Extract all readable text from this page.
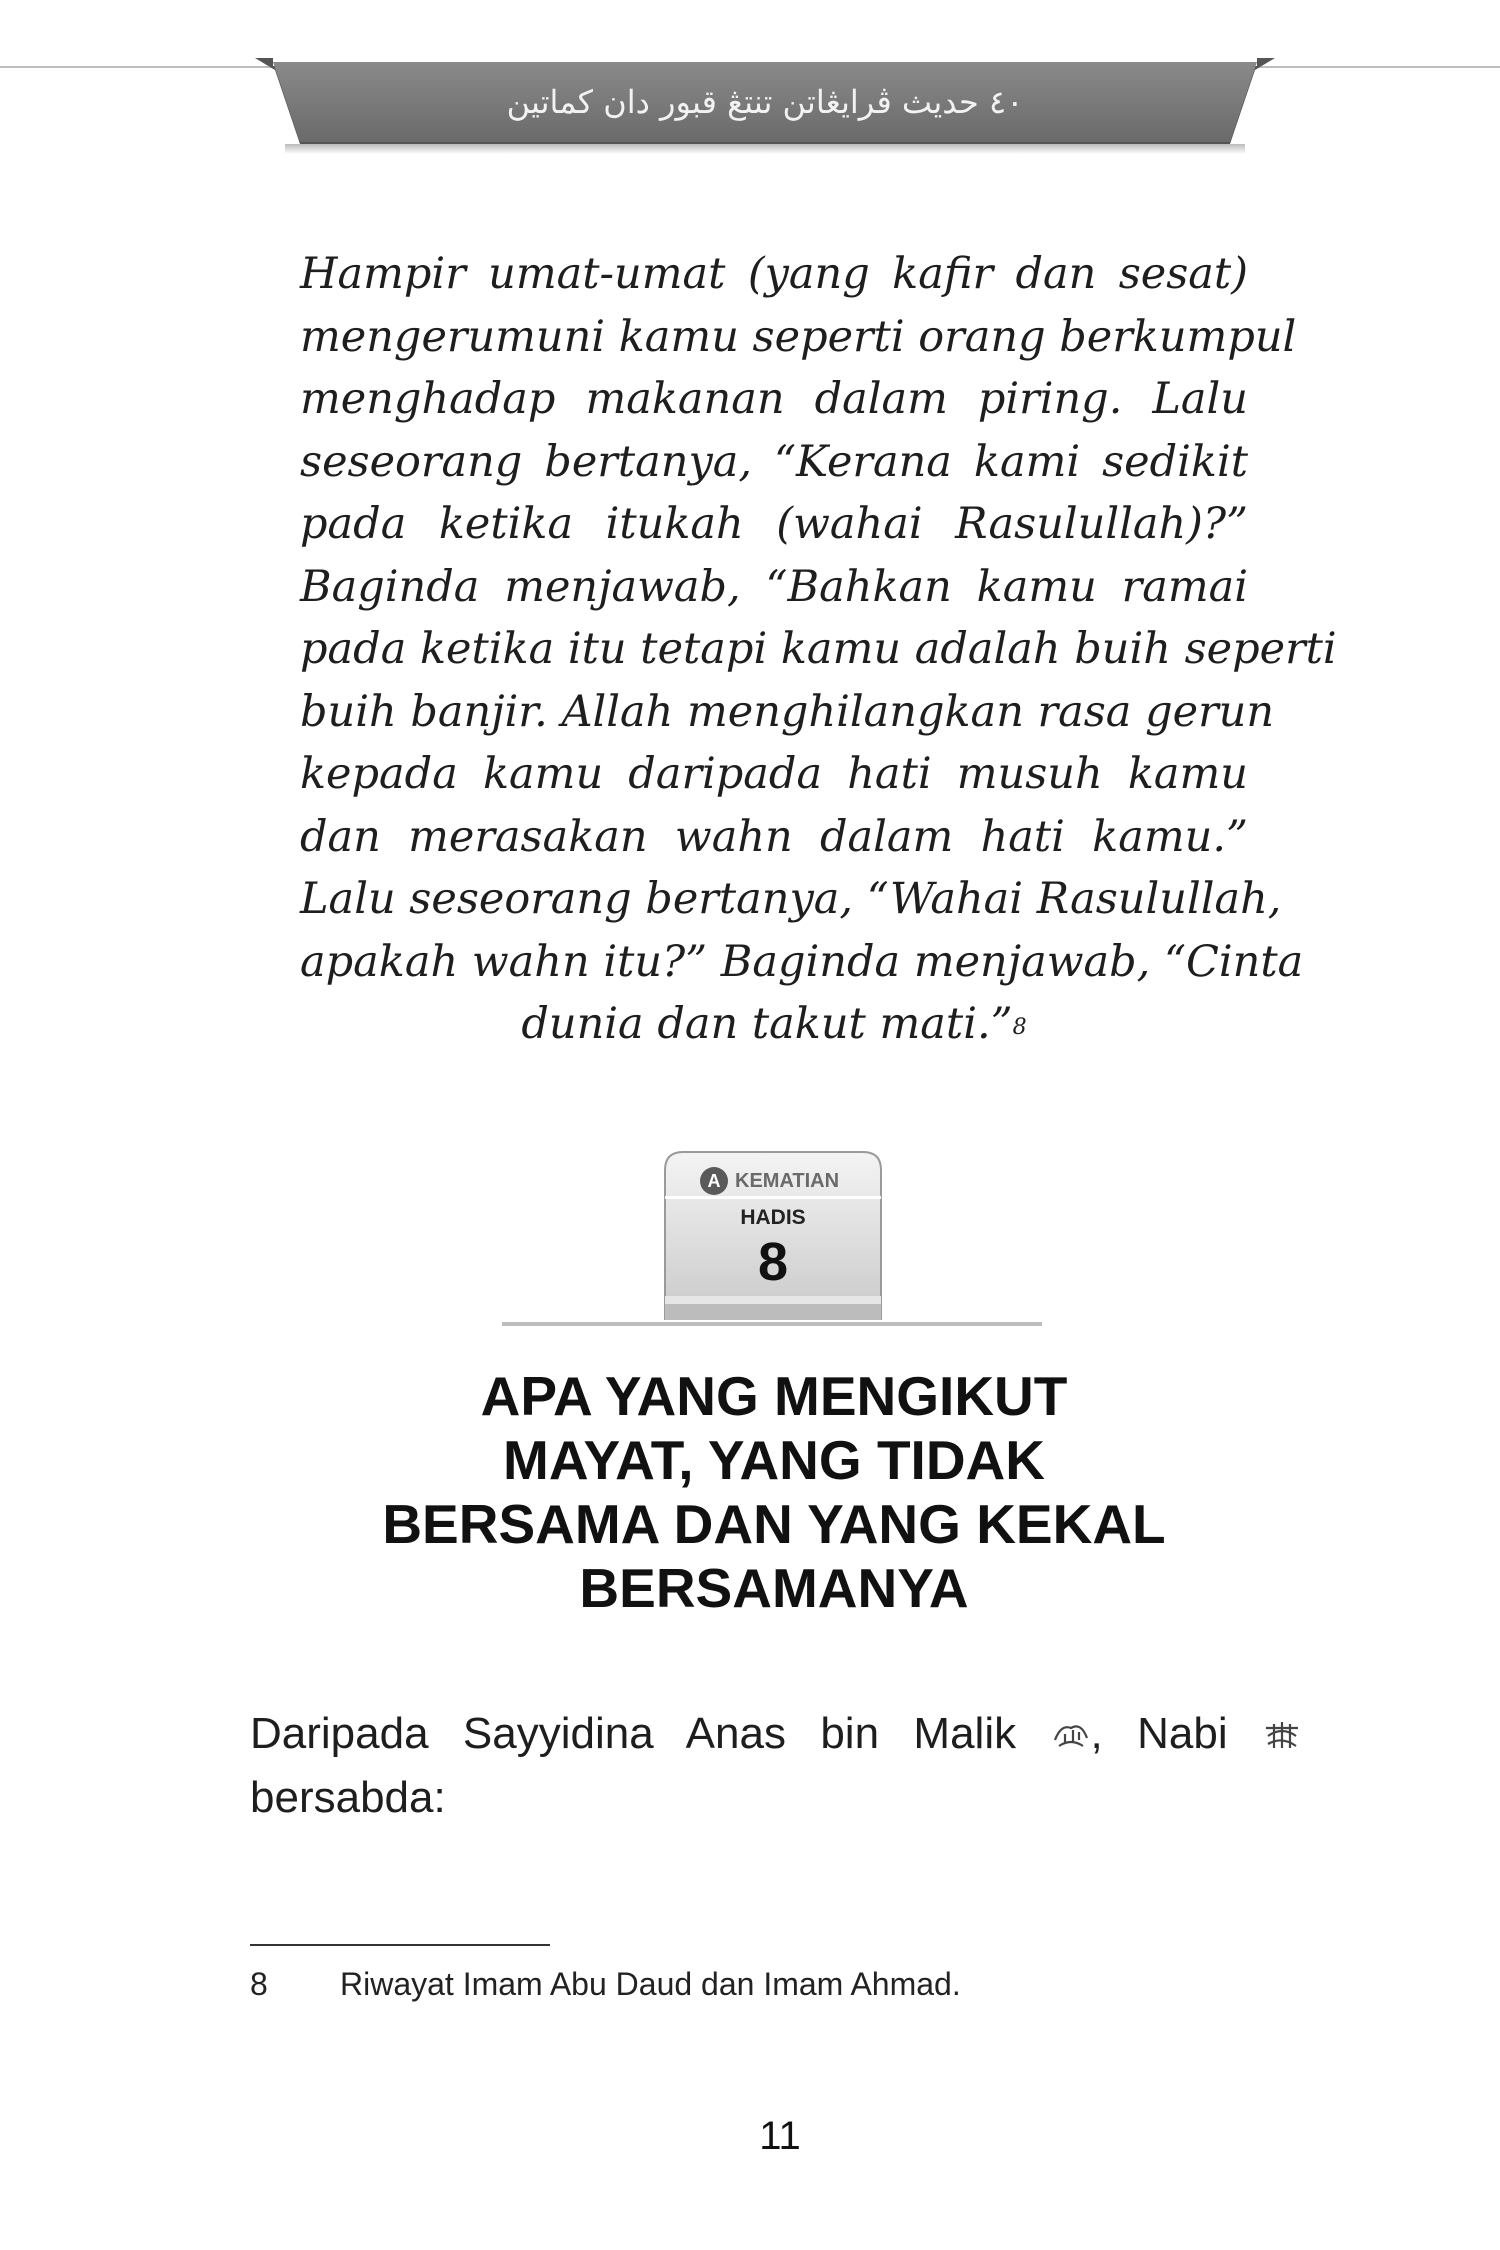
٤٠ حديث ڤرايڠاتن تنتڠ قبور دان كماتين
Hampir umat-umat (yang kafir dan sesat)
mengerumuni kamu seperti orang berkumpul
menghadap makanan dalam piring. Lalu
seseorang bertanya, “Kerana kami sedikit
pada ketika itukah (wahai Rasulullah)?”
Baginda menjawab, “Bahkan kamu ramai
pada ketika itu tetapi kamu adalah buih seperti
buih banjir. Allah menghilangkan rasa gerun
kepada kamu daripada hati musuh kamu
dan merasakan wahn dalam hati kamu.”
Lalu seseorang bertanya, “Wahai Rasulullah,
apakah wahn itu?” Baginda menjawab, “Cinta
dunia dan takut mati.”$^8$
A KEMATIAN
HADIS
8
APA YANG MENGIKUT
MAYAT, YANG TIDAK
BERSAMA DAN YANG KEKAL
BERSAMANYA
Daripada Sayyidina Anas bin Malik , Nabi
bersabda:
8	Riwayat Imam Abu Daud dan Imam Ahmad.
11
